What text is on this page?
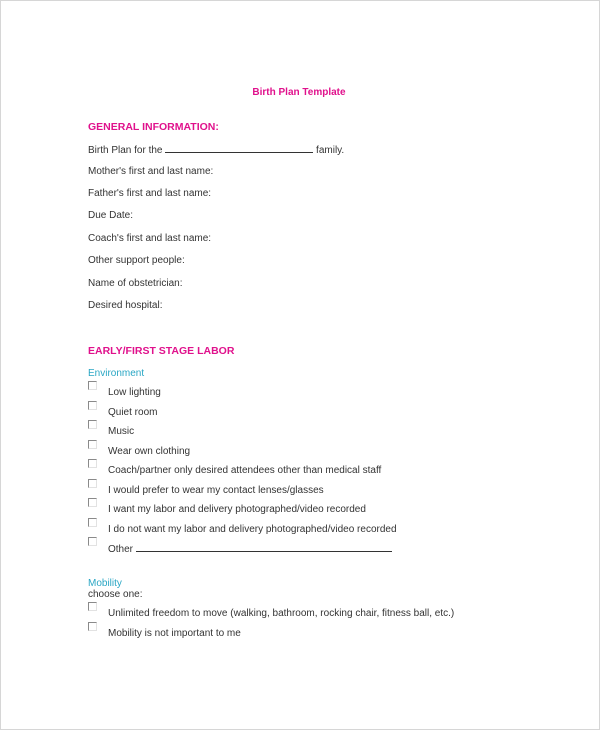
Birth Plan Template
GENERAL INFORMATION:
Birth Plan for the	family.
Mother's first and last name:
Father's first and last name:
Due Date:
Coach's first and last name:
Other support people:
Name of obstetrician:
Desired hospital:
EARLY/FIRST STAGE LABOR
Environment
Low lighting
Quiet room
Music
Wear own clothing
Coach/partner only desired attendees other than medical staff
I would prefer to wear my contact lenses/glasses
I want my labor and delivery photographed/video recorded
I do not want my labor and delivery photographed/video recorded
Other
Mobility
choose one:
Unlimited freedom to move (walking, bathroom, rocking chair, fitness ball, etc.)
Mobility is not important to me
